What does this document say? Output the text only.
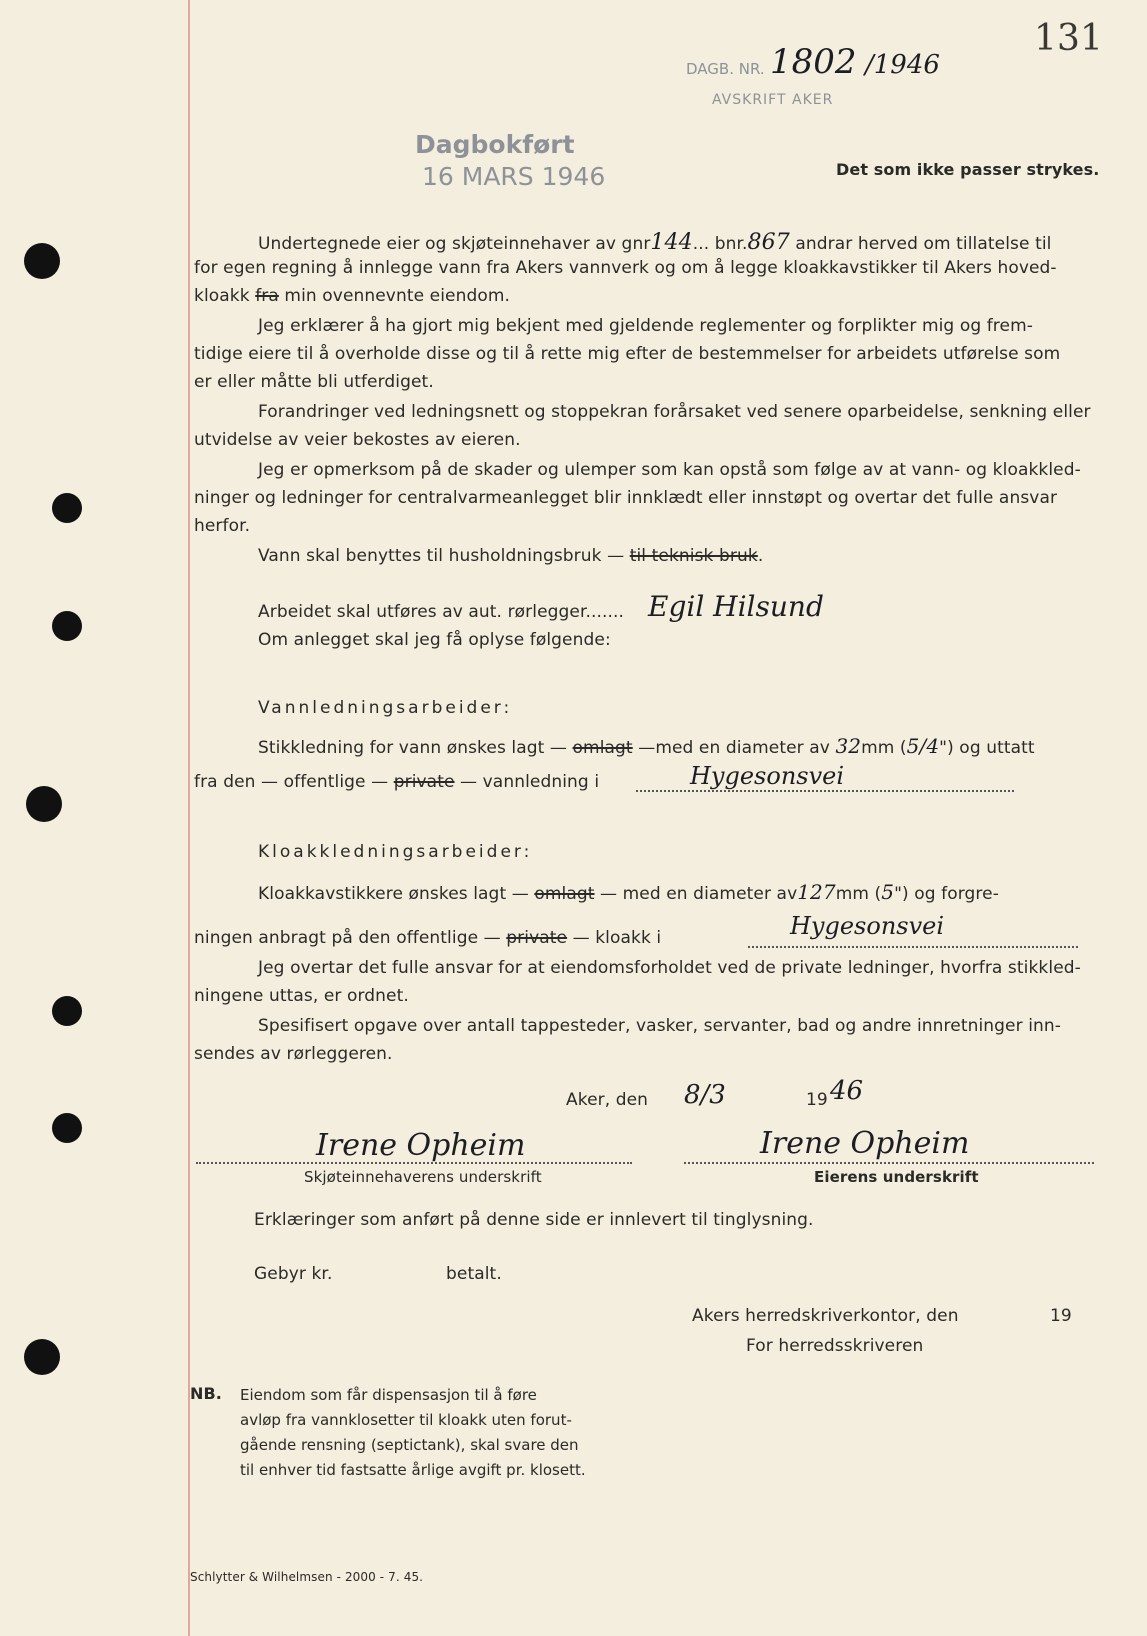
131
DAGB. NR. 1802 /1946
AVSKRIFT AKER
Dagbokført
16 MARS 1946	Det som ikke passer strykes.
Undertegnede eier og skjøteinnehaver av gnr144... bnr.867 andrar herved om tillatelse til
for egen regning å innlegge vann fra Akers vannverk og om å legge kloakkavstikker til Akers hoved-
kloakk fra min ovennevnte eiendom.
Jeg erklærer å ha gjort mig bekjent med gjeldende reglementer og forplikter mig og frem-
tidige eiere til å overholde disse og til å rette mig efter de bestemmelser for arbeidets utførelse som
er eller måtte bli utferdiget.
Forandringer ved ledningsnett og stoppekran forårsaket ved senere oparbeidelse, senkning eller
utvidelse av veier bekostes av eieren.
Jeg er opmerksom på de skader og ulemper som kan opstå som følge av at vann- og kloakkled-
ninger og ledninger for centralvarmeanlegget blir innklædt eller innstøpt og overtar det fulle ansvar
herfor.
Vann skal benyttes til husholdningsbruk — til teknisk bruk.
Arbeidet skal utføres av aut. rørlegger....... Egil Hilsund
Om anlegget skal jeg få oplyse følgende:
Vannledningsarbeider:
Stikkledning for vann ønskes lagt — omlagt —med en diameter av 32mm (5/4") og uttatt
fra den — offentlige — private — vannledning i	Hygesonsvei
Kloakkledningsarbeider:
Kloakkavstikkere ønskes lagt — omlagt — med en diameter av127mm (5") og forgre-
ningen anbragt på den offentlige — private — kloakk i	Hygesonsvei
Jeg overtar det fulle ansvar for at eiendomsforholdet ved de private ledninger, hvorfra stikkled-
ningene uttas, er ordnet.
Spesifisert opgave over antall tappesteder, vasker, servanter, bad og andre innretninger inn-
sendes av rørleggeren.
Aker, den 8/3	19 46
Irene Opheim
Skjøteinnehaverens underskrift
Irene Opheim
Eierens underskrift
Erklæringer som anført på denne side er innlevert til tinglysning.
Gebyr kr.	betalt.
Akers herredskriverkontor, den	19
For herredsskriveren
NB. Eiendom som får dispensasjon til å føre
avløp fra vannklosetter til kloakk uten forut-
gående rensning (septictank), skal svare den
til enhver tid fastsatte årlige avgift pr. klosett.
Schlytter & Wilhelmsen - 2000 - 7. 45.
